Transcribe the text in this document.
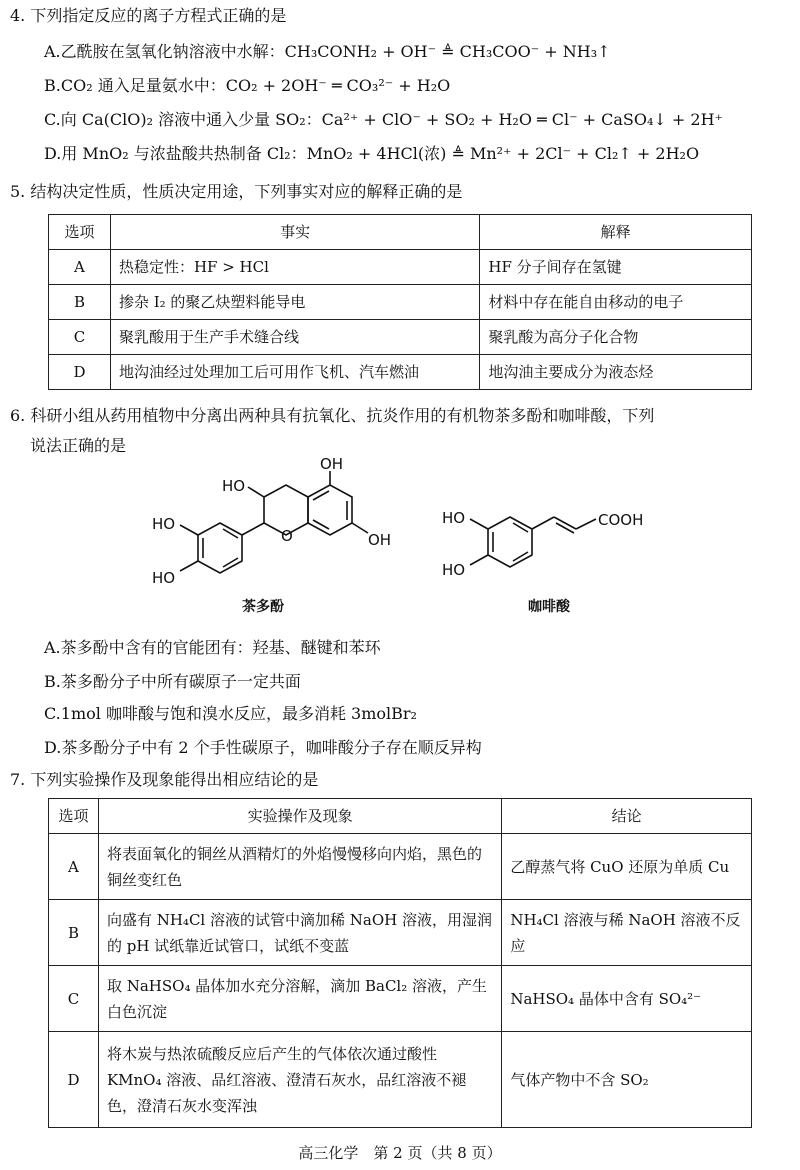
4. 下列指定反应的离子方程式正确的是
A.乙酰胺在氢氧化钠溶液中水解：CH₃CONH₂ + OH⁻ ≜ CH₃COO⁻ + NH₃↑
B.CO₂ 通入足量氨水中：CO₂ + 2OH⁻ ═ CO₃²⁻ + H₂O
C.向 Ca(ClO)₂ 溶液中通入少量 SO₂：Ca²⁺ + ClO⁻ + SO₂ + H₂O ═ Cl⁻ + CaSO₄↓ + 2H⁺
D.用 MnO₂ 与浓盐酸共热制备 Cl₂：MnO₂ + 4HCl(浓) ≜ Mn²⁺ + 2Cl⁻ + Cl₂↑ + 2H₂O
5. 结构决定性质，性质决定用途，下列事实对应的解释正确的是
选项	事实	解释
A	热稳定性：HF > HCl	HF 分子间存在氢键
B	掺杂 I₂ 的聚乙炔塑料能导电	材料中存在能自由移动的电子
C	聚乳酸用于生产手术缝合线	聚乳酸为高分子化合物
D	地沟油经过处理加工后可用作飞机、汽车燃油	地沟油主要成分为液态烃
6. 科研小组从药用植物中分离出两种具有抗氧化、抗炎作用的有机物茶多酚和咖啡酸，下列
说法正确的是
HO
HO
HO
OH
OH
O
HO
HO
COOH
茶多酚	咖啡酸
A.茶多酚中含有的官能团有：羟基、醚键和苯环
B.茶多酚分子中所有碳原子一定共面
C.1mol 咖啡酸与饱和溴水反应，最多消耗 3molBr₂
D.茶多酚分子中有 2 个手性碳原子，咖啡酸分子存在顺反异构
7. 下列实验操作及现象能得出相应结论的是
选项	实验操作及现象	结论
A	将表面氧化的铜丝从酒精灯的外焰慢慢移向内焰，黑色的铜丝变红色	乙醇蒸气将 CuO 还原为单质 Cu
B	向盛有 NH₄Cl 溶液的试管中滴加稀 NaOH 溶液，用湿润的 pH 试纸靠近试管口，试纸不变蓝	NH₄Cl 溶液与稀 NaOH 溶液不反应
C	取 NaHSO₄ 晶体加水充分溶解，滴加 BaCl₂ 溶液，产生白色沉淀	NaHSO₄ 晶体中含有 SO₄²⁻
D	将木炭与热浓硫酸反应后产生的气体依次通过酸性 KMnO₄ 溶液、品红溶液、澄清石灰水，品红溶液不褪色，澄清石灰水变浑浊	气体产物中不含 SO₂
高三化学　第 2 页（共 8 页）
